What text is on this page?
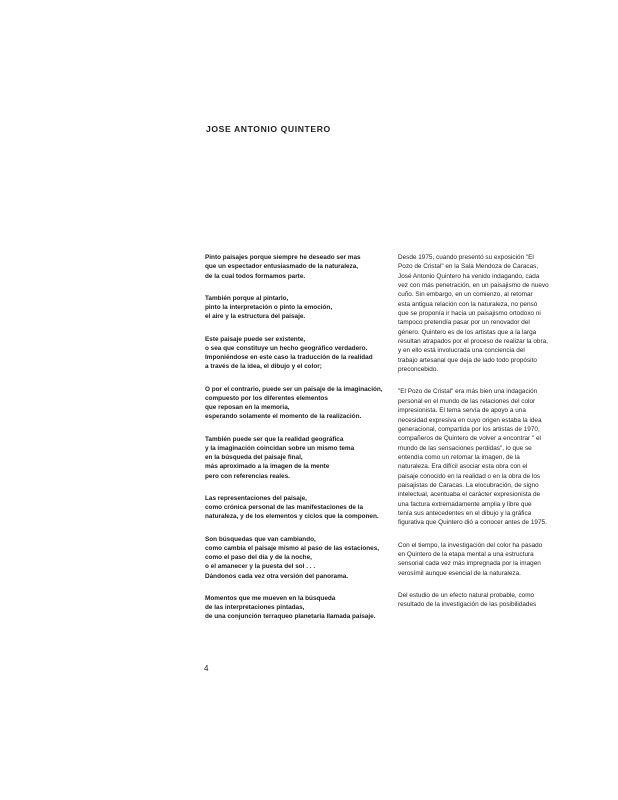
JOSE ANTONIO QUINTERO
Pinto paisajes porque siempre he deseado ser mas
que un espectador entusiasmado de la naturaleza,
de la cual todos formamos parte.
También porque al pintarlo,
pinto la interpretación o pinto la emoción,
el aire y la estructura del paisaje.
Este paisaje puede ser existente,
o sea que constituye un hecho geográfico verdadero.
Imponiéndose en este caso la traducción de la realidad
a través de la idea, el dibujo y el color;
O por el contrario, puede ser un paisaje de la imaginación,
compuesto por los diferentes elementos
que reposan en la memoria,
esperando solamente el momento de la realización.
También puede ser que la realidad geográfica
y la imaginación coincidan sobre un mismo tema
en la búsqueda del paisaje final,
más aproximado a la imagen de la mente
pero con referencias reales.
Las representaciones del paisaje,
como crónica personal de las manifestaciones de la
naturaleza, y de los elementos y ciclos que la componen.
Son búsquedas que van cambiando,
como cambia el paisaje mismo al paso de las estaciones,
como el paso del día y de la noche,
o el amanecer y la puesta del sol . . .
Dándonos cada vez otra versión del panorama.
Momentos que me mueven en la búsqueda
de las interpretaciones pintadas,
de una conjunción terraqueo planetaria llamada paisaje.
Desde 1975, cuando presentó su exposición "El
Pozo de Cristal" en la Sala Mendoza de Caracas,
José Antonio Quintero ha venido indagando, cada
vez con más penetración, en un paisajismo de nuevo
cuño. Sin embargo, en un comienzo, al retomar
esta antigua relación con la naturaleza, no pensó
que se proponía ir hacia un paisajismo ortodoxo ni
tampoco pretendía pasar por un renovador del
género. Quintero es de los artistas que a la larga
resultan atrapados por el proceso de realizar la obra,
y en ello está involucrada una conciencia del
trabajo artesanal que deja de lado todo propósito
preconcebido.
"El Pozo de Cristal" era más bien una indagación
personal en el mundo de las relaciones del color
impresionista. El tema servía de apoyo a una
necesidad expresiva en cuyo origen estaba la idea
generacional, compartida por los artistas de 1970,
compañeros de Quintero de volver a encontrar " el
mundo de las sensaciones perdidas", lo que se
entendía como un retomar la imagen, de la
naturaleza. Era difícil asociar esta obra con el
paisaje conocido en la realidad o en la obra de los
paisajistas de Caracas. La elocubración, de signo
intelectual, acentuaba el carácter expresionista de
una factura extremadamente amplia y libre que
tenía sus antecedentes en el dibujo y la gráfica
figurativa que Quintero dió a conocer antes de 1975.
Con el tiempo, la investigación del color ha pasado
en Quintero de la etapa mental a una estructura
sensorial cada vez más impregnada por la imagen
verosímil aunque esencial de la naturaleza.
Del estudio de un efecto natural probable, como
resultado de la investigación de las posibilidades
4
